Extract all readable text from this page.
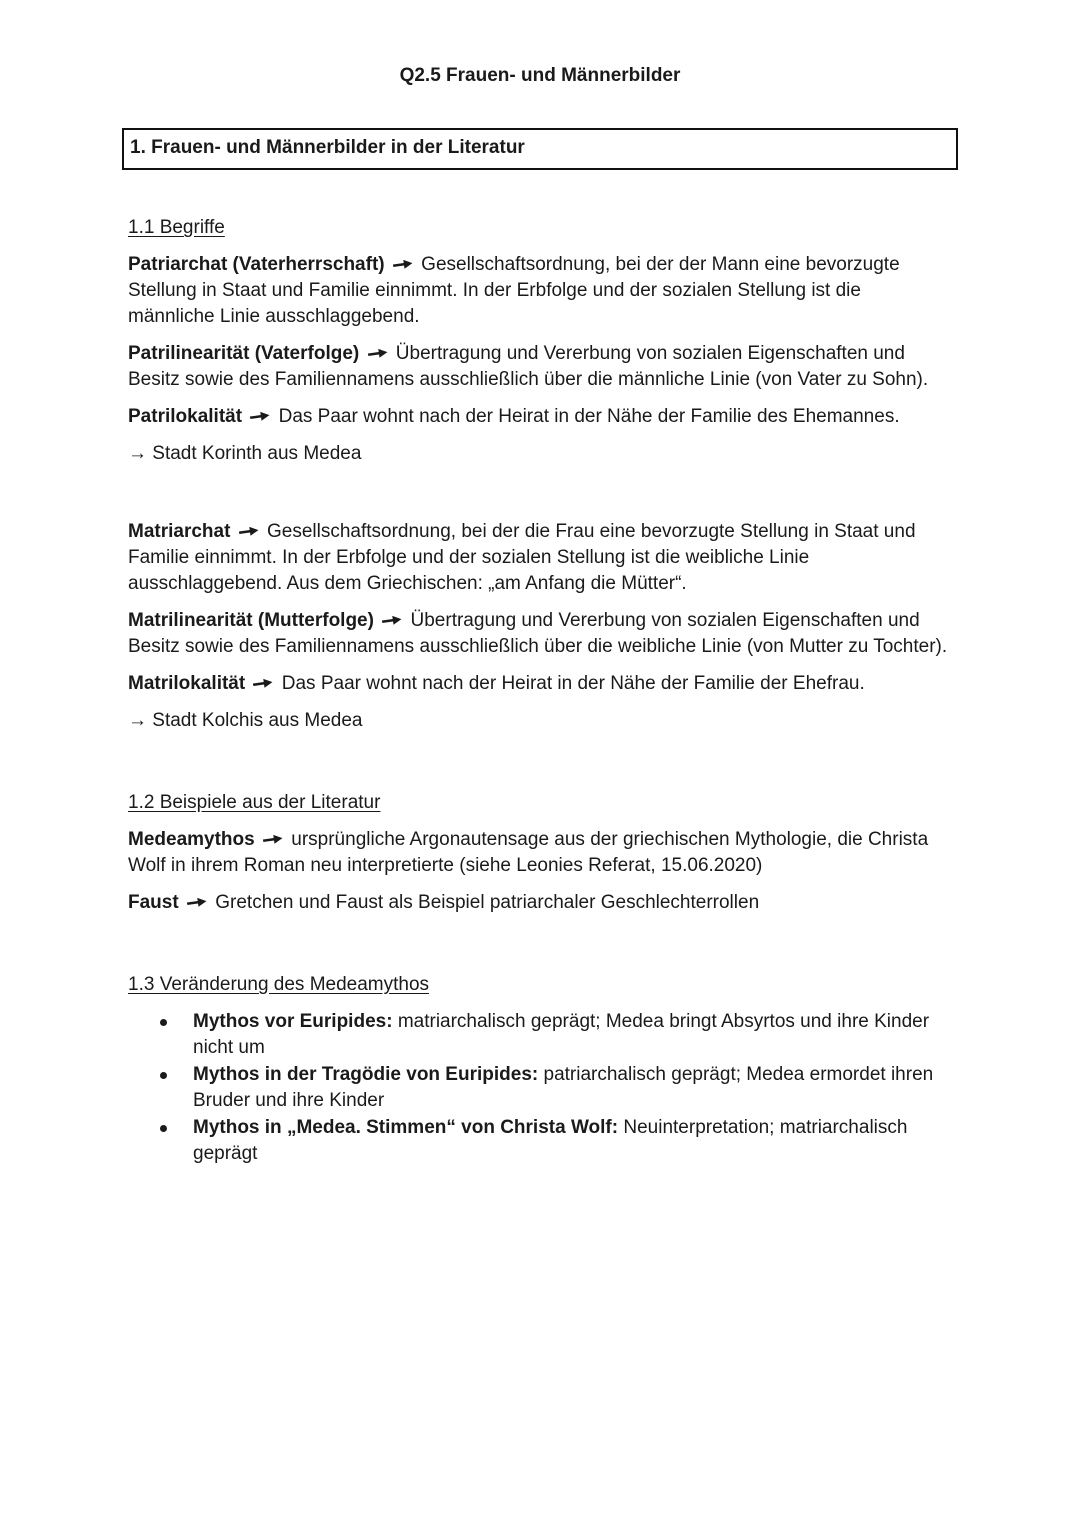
Q2.5 Frauen- und Männerbilder
1. Frauen- und Männerbilder in der Literatur
1.1 Begriffe

Patriarchat (Vaterherrschaft) Gesellschaftsordnung, bei der der Mann eine bevorzugte Stellung in Staat und Familie einnimmt. In der Erbfolge und der sozialen Stellung ist die männliche Linie ausschlaggebend.

Patrilinearität (Vaterfolge) Übertragung und Vererbung von sozialen Eigenschaften und Besitz sowie des Familiennamens ausschließlich über die männliche Linie (von Vater zu Sohn).

Patrilokalität Das Paar wohnt nach der Heirat in der Nähe der Familie des Ehemannes.

→ Stadt Korinth aus Medea

Matriarchat Gesellschaftsordnung, bei der die Frau eine bevorzugte Stellung in Staat und Familie einnimmt. In der Erbfolge und der sozialen Stellung ist die weibliche Linie ausschlaggebend. Aus dem Griechischen: „am Anfang die Mütter“.

Matrilinearität (Mutterfolge) Übertragung und Vererbung von sozialen Eigenschaften und Besitz sowie des Familiennamens ausschließlich über die weibliche Linie (von Mutter zu Tochter).

Matrilokalität Das Paar wohnt nach der Heirat in der Nähe der Familie der Ehefrau.

→ Stadt Kolchis aus Medea

1.2 Beispiele aus der Literatur

Medeamythos ursprüngliche Argonautensage aus der griechischen Mythologie, die Christa Wolf in ihrem Roman neu interpretierte (siehe Leonies Referat, 15.06.2020)

Faust Gretchen und Faust als Beispiel patriarchaler Geschlechterrollen

1.3 Veränderung des Medeamythos
Mythos vor Euripides: matriarchalisch geprägt; Medea bringt Absyrtos und ihre Kinder nicht um
Mythos in der Tragödie von Euripides: patriarchalisch geprägt; Medea ermordet ihren Bruder und ihre Kinder
Mythos in „Medea. Stimmen“ von Christa Wolf: Neuinterpretation; matriarchalisch geprägt
